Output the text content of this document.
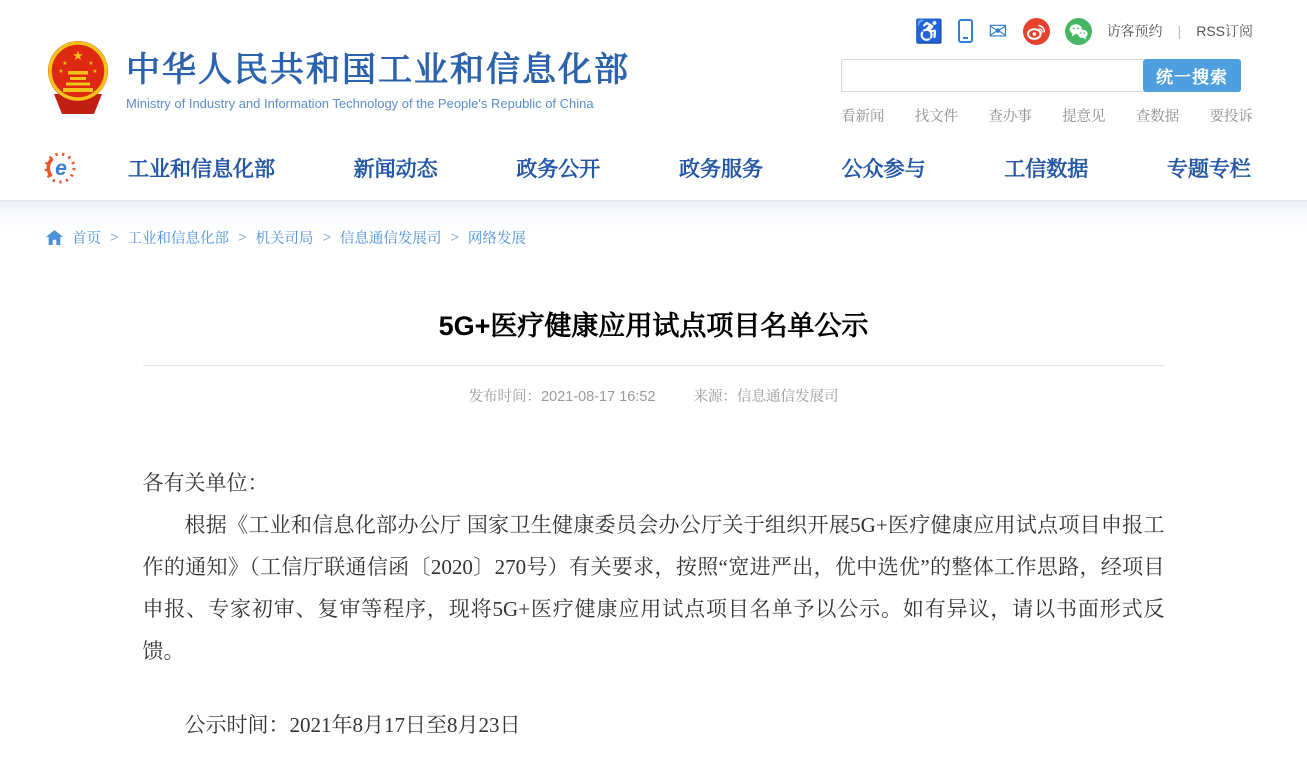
★
★	★
★	★ 中华人民共和国工业和信息化部
Ministry of Industry and Information Technology of the People's Republic of China
♿ ✉	访客预约 | RSS订阅
统一搜索
看新闻 找文件 查办事 提意见 查数据 要投诉
e	工业和信息化部	新闻动态	政务公开	政务服务	公众参与	工信数据	专题专栏
首页 > 工业和信息化部 > 机关司局 > 信息通信发展司 > 网络发展
5G+医疗健康应用试点项目名单公示
发布时间：2021-08-17 16:52	来源：信息通信发展司

各有关单位：

根据《工业和信息化部办公厅 国家卫生健康委员会办公厅关于组织开展5G+医疗健康应用试点项目申报工作的通知》（工信厅联通信函〔2020〕270号）有关要求，按照“宽进严出，优中选优”的整体工作思路，经项目申报、专家初审、复审等程序，现将5G+医疗健康应用试点项目名单予以公示。如有异议，请以书面形式反馈。

公示时间：2021年8月17日至8月23日
